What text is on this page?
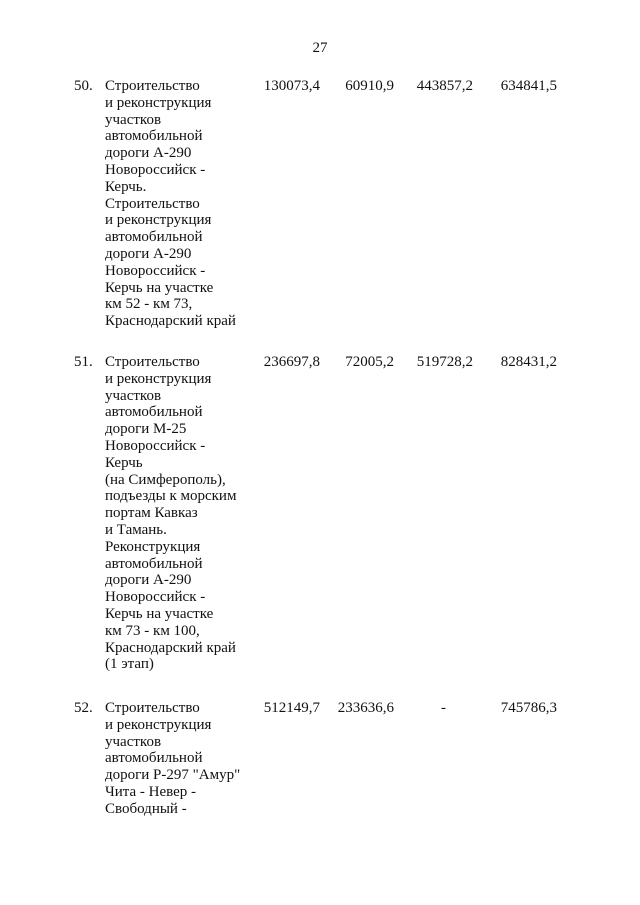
27
50. Строительство
и реконструкция
участков
автомобильной
дороги А-290
Новороссийск -
Керчь.
Строительство
и реконструкция
автомобильной
дороги А-290
Новороссийск -
Керчь на участке
км 52 - км 73,
Краснодарский край
130073,4	60910,9	443857,2	634841,5
51. Строительство
и реконструкция
участков
автомобильной
дороги М-25
Новороссийск -
Керчь
(на Симферополь),
подъезды к морским
портам Кавказ
и Тамань.
Реконструкция
автомобильной
дороги А-290
Новороссийск -
Керчь на участке
км 73 - км 100,
Краснодарский край
(1 этап)
236697,8	72005,2	519728,2	828431,2
52. Строительство
и реконструкция
участков
автомобильной
дороги Р-297 "Амур"
Чита - Невер -
Свободный -
512149,7	233636,6	-	745786,3
